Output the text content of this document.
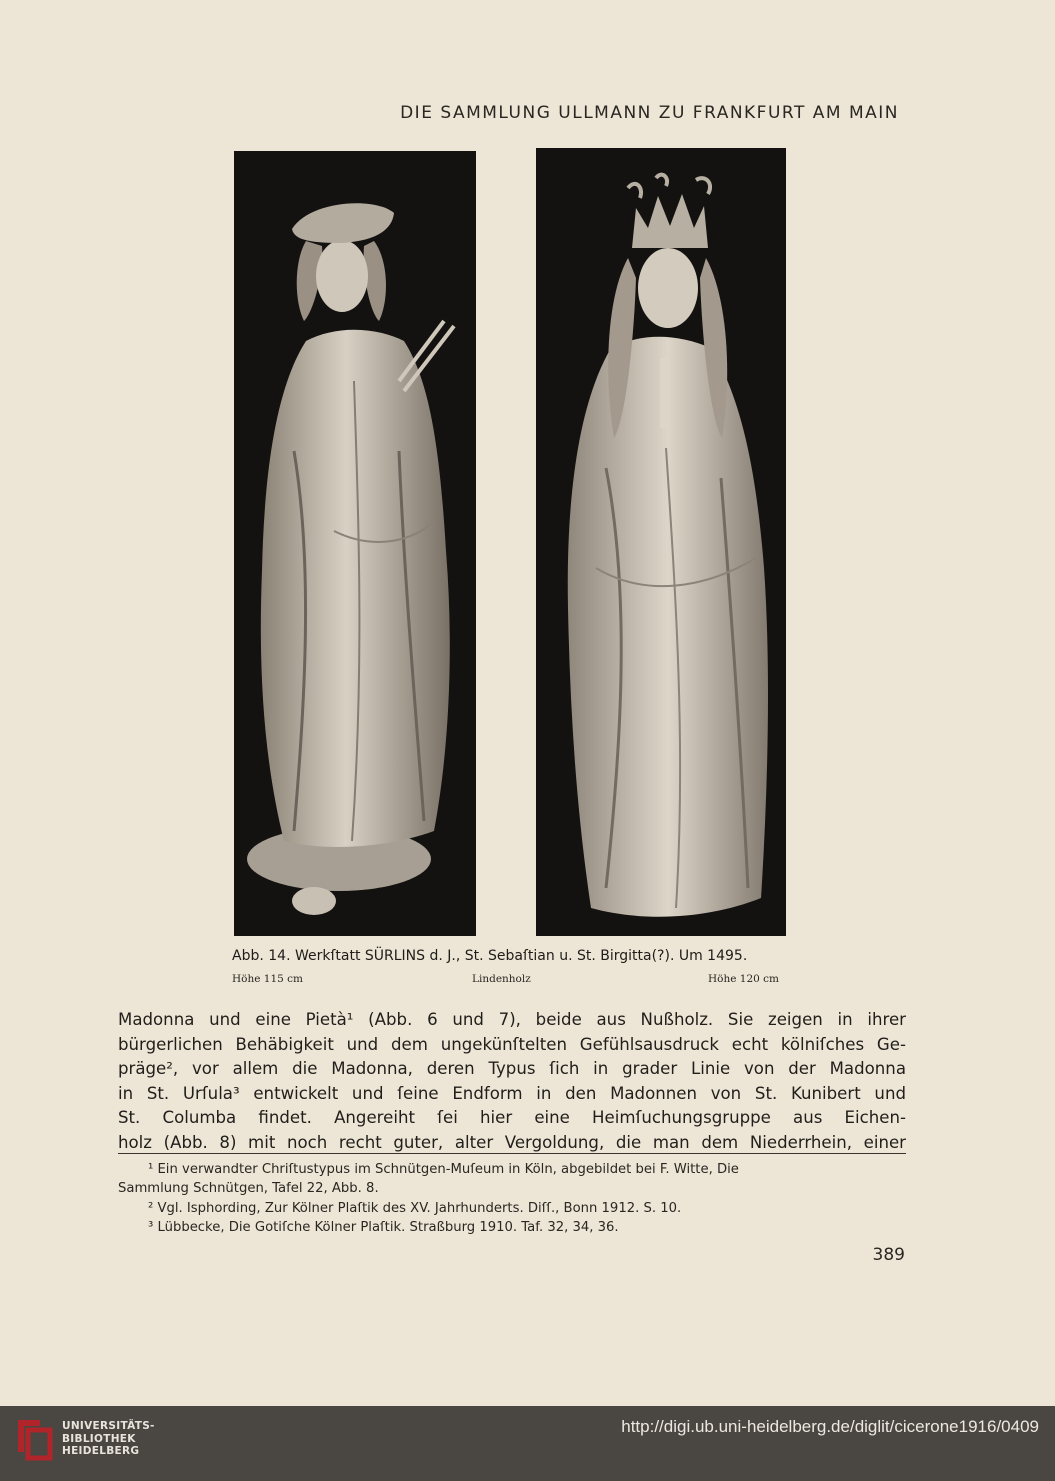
DIE SAMMLUNG ULLMANN ZU FRANKFURT AM MAIN
Abb. 14. Werkſtatt SÜRLINS d. J., St. Sebaſtian u. St. Birgitta(?). Um 1495.
Höhe 115 cm	Lindenholz	Höhe 120 cm
Madonna und eine Pietà¹ (Abb. 6 und 7), beide aus Nußholz. Sie zeigen in ihrer
bürgerlichen Behäbigkeit und dem ungekünſtelten Gefühlsausdruck echt kölniſches Ge-
präge², vor allem die Madonna, deren Typus ſich in grader Linie von der Madonna
in St. Urſula³ entwickelt und ſeine Endform in den Madonnen von St. Kunibert und
St. Columba findet. Angereiht ſei hier eine Heimſuchungsgruppe aus Eichen-
holz (Abb. 8) mit noch recht guter, alter Vergoldung, die man dem Niederrhein, einer
¹ Ein verwandter Chriſtustypus im Schnütgen-Muſeum in Köln, abgebildet bei F. Witte, Die
Sammlung Schnütgen, Tafel 22, Abb. 8.
² Vgl. Isphording, Zur Kölner Plaſtik des XV. Jahrhunderts. Diſſ., Bonn 1912. S. 10.
³ Lübbecke, Die Gotiſche Kölner Plaſtik. Straßburg 1910. Taf. 32, 34, 36.
389
UNIVERSITÄTS-
BIBLIOTHEK
HEIDELBERG
http://digi.ub.uni-heidelberg.de/diglit/cicerone1916/0409
